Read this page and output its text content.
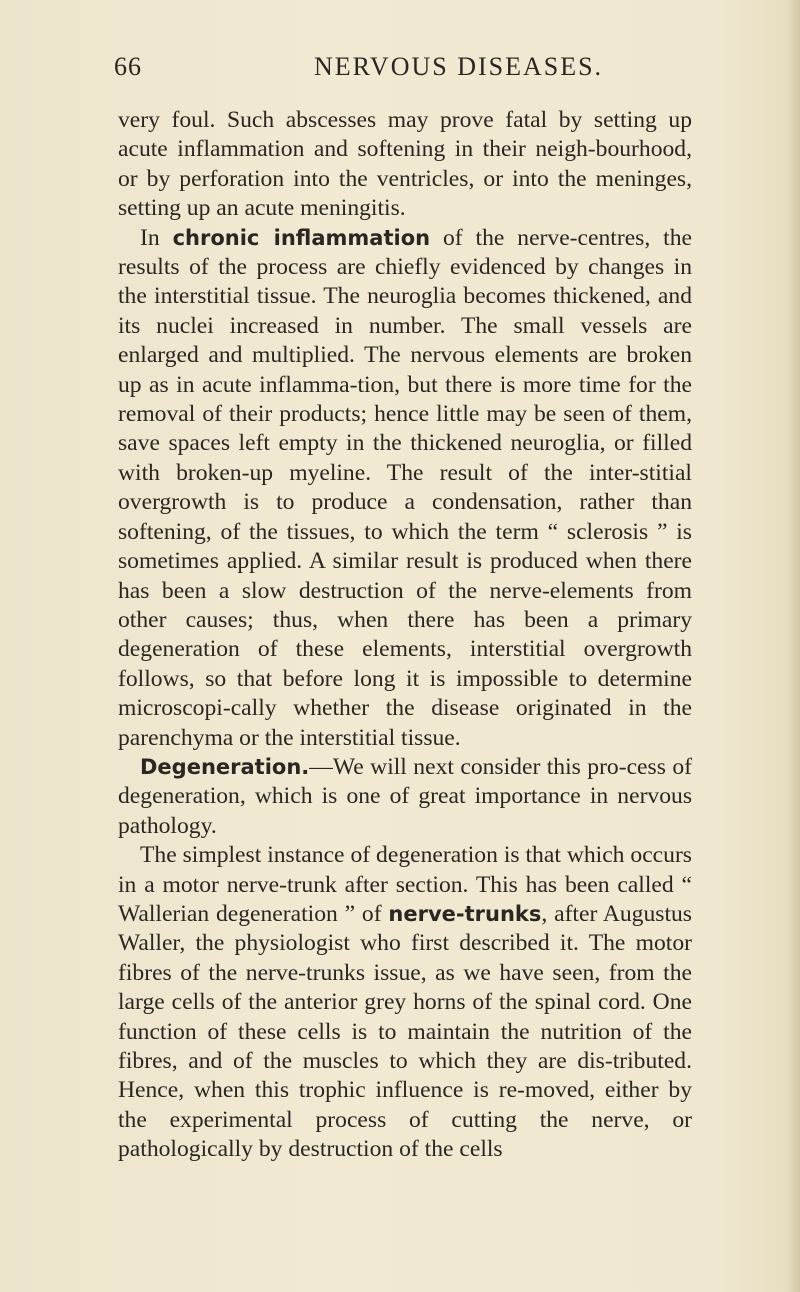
66	NERVOUS DISEASES.

very foul. Such abscesses may prove fatal by setting up acute inflammation and softening in their neigh-bourhood, or by perforation into the ventricles, or into the meninges, setting up an acute meningitis.

In chronic inflammation of the nerve-centres, the results of the process are chiefly evidenced by changes in the interstitial tissue. The neuroglia becomes thickened, and its nuclei increased in number. The small vessels are enlarged and multiplied. The nervous elements are broken up as in acute inflamma-tion, but there is more time for the removal of their products; hence little may be seen of them, save spaces left empty in the thickened neuroglia, or filled with broken-up myeline. The result of the inter-stitial overgrowth is to produce a condensation, rather than softening, of the tissues, to which the term “ sclerosis ” is sometimes applied. A similar result is produced when there has been a slow destruction of the nerve-elements from other causes; thus, when there has been a primary degeneration of these elements, interstitial overgrowth follows, so that before long it is impossible to determine microscopi-cally whether the disease originated in the parenchyma or the interstitial tissue.

Degeneration.—We will next consider this pro-cess of degeneration, which is one of great importance in nervous pathology.

The simplest instance of degeneration is that which occurs in a motor nerve-trunk after section. This has been called “ Wallerian degeneration ” of nerve-trunks, after Augustus Waller, the physiologist who first described it. The motor fibres of the nerve-trunks issue, as we have seen, from the large cells of the anterior grey horns of the spinal cord. One function of these cells is to maintain the nutrition of the fibres, and of the muscles to which they are dis-tributed. Hence, when this trophic influence is re-moved, either by the experimental process of cutting the nerve, or pathologically by destruction of the cells
